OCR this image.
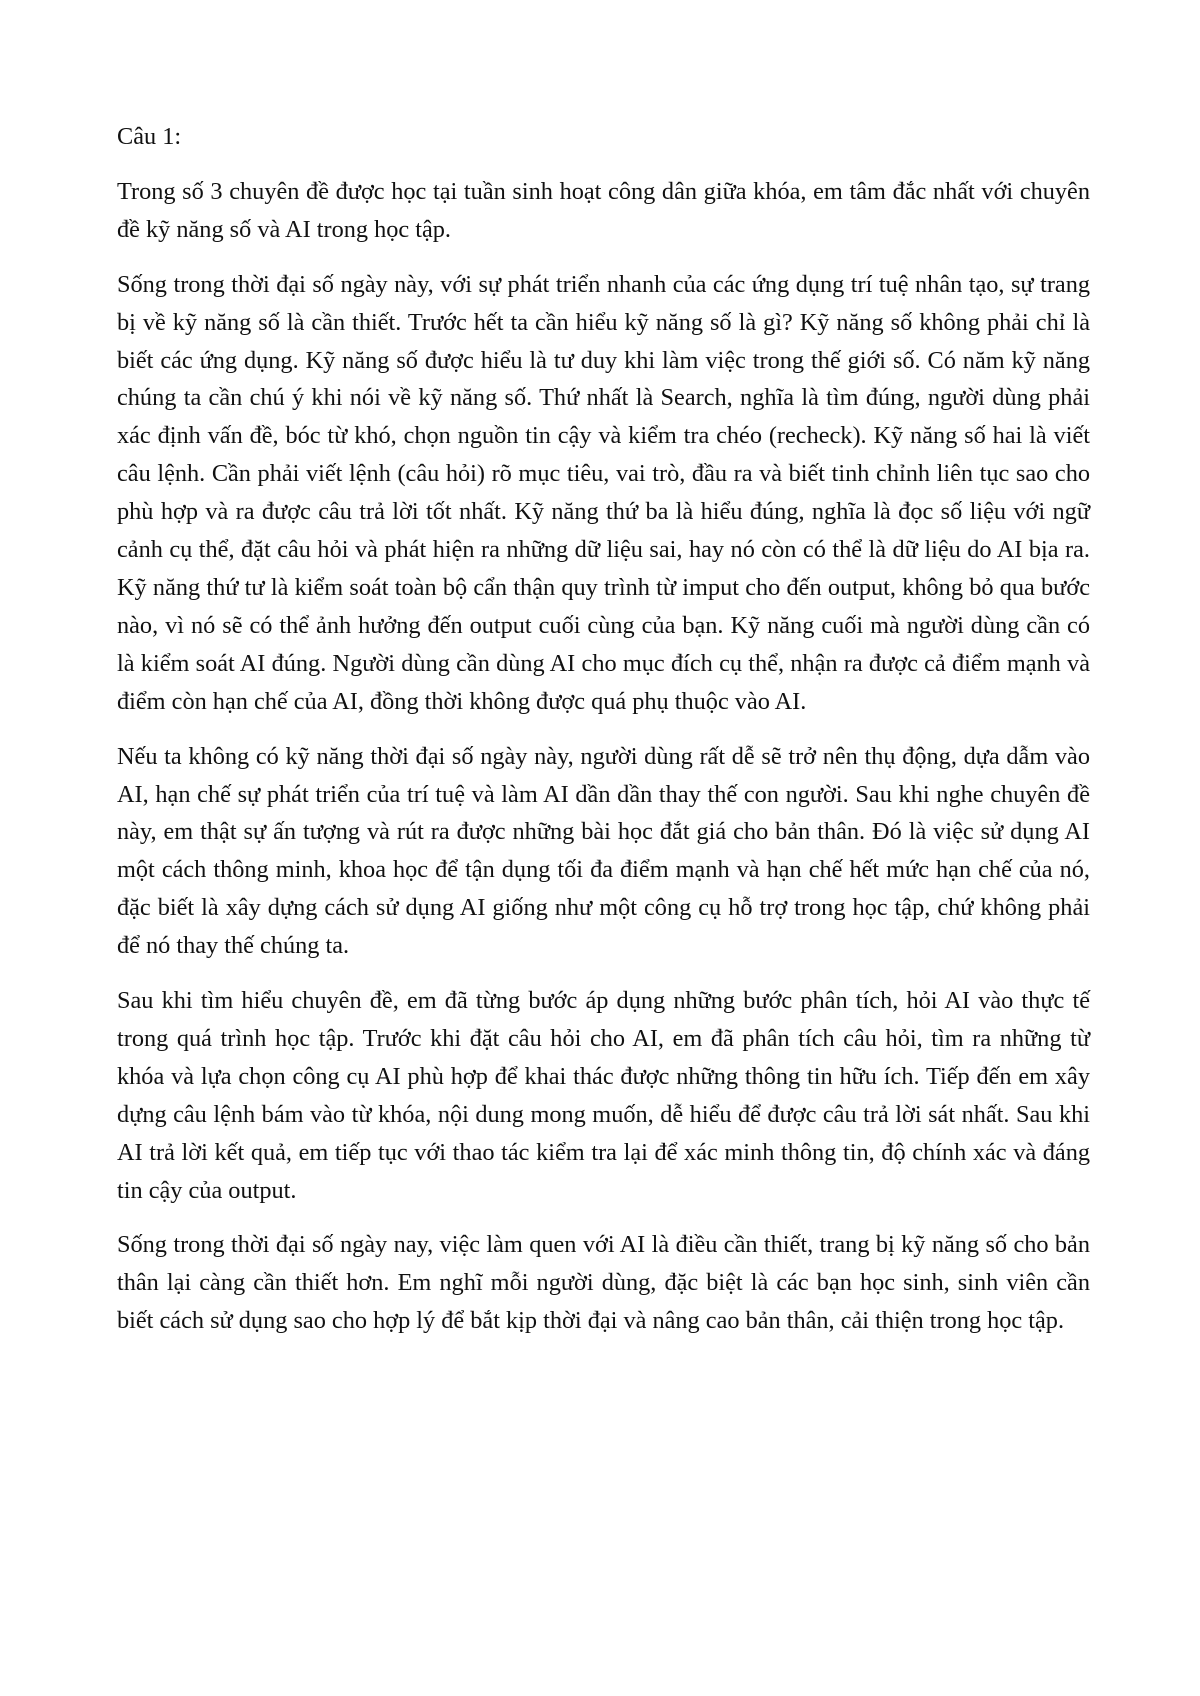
Câu 1:

Trong số 3 chuyên đề được học tại tuần sinh hoạt công dân giữa khóa, em tâm đắc nhất với chuyên đề kỹ năng số và AI trong học tập.

Sống trong thời đại số ngày này, với sự phát triển nhanh của các ứng dụng trí tuệ nhân tạo, sự trang bị về kỹ năng số là cần thiết. Trước hết ta cần hiểu kỹ năng số là gì? Kỹ năng số không phải chỉ là biết các ứng dụng. Kỹ năng số được hiểu là tư duy khi làm việc trong thế giới số. Có năm kỹ năng chúng ta cần chú ý khi nói về kỹ năng số. Thứ nhất là Search, nghĩa là tìm đúng, người dùng phải xác định vấn đề, bóc từ khó, chọn nguồn tin cậy và kiểm tra chéo (recheck). Kỹ năng số hai là viết câu lệnh. Cần phải viết lệnh (câu hỏi) rõ mục tiêu, vai trò, đầu ra và biết tinh chỉnh liên tục sao cho phù hợp và ra được câu trả lời tốt nhất. Kỹ năng thứ ba là hiểu đúng, nghĩa là đọc số liệu với ngữ cảnh cụ thể, đặt câu hỏi và phát hiện ra những dữ liệu sai, hay nó còn có thể là dữ liệu do AI bịa ra. Kỹ năng thứ tư là kiểm soát toàn bộ cẩn thận quy trình từ imput cho đến output, không bỏ qua bước nào, vì nó sẽ có thể ảnh hưởng đến output cuối cùng của bạn. Kỹ năng cuối mà người dùng cần có là kiểm soát AI đúng. Người dùng cần dùng AI cho mục đích cụ thể, nhận ra được cả điểm mạnh và điểm còn hạn chế của AI, đồng thời không được quá phụ thuộc vào AI.

Nếu ta không có kỹ năng thời đại số ngày này, người dùng rất dễ sẽ trở nên thụ động, dựa dẫm vào AI, hạn chế sự phát triển của trí tuệ và làm AI dần dần thay thế con người. Sau khi nghe chuyên đề này, em thật sự ấn tượng và rút ra được những bài học đắt giá cho bản thân. Đó là việc sử dụng AI một cách thông minh, khoa học để tận dụng tối đa điểm mạnh và hạn chế hết mức hạn chế của nó, đặc biết là xây dựng cách sử dụng AI giống như một công cụ hỗ trợ trong học tập, chứ không phải để nó thay thế chúng ta.

Sau khi tìm hiểu chuyên đề, em đã từng bước áp dụng những bước phân tích, hỏi AI vào thực tế trong quá trình học tập. Trước khi đặt câu hỏi cho AI, em đã phân tích câu hỏi, tìm ra những từ khóa và lựa chọn công cụ AI phù hợp để khai thác được những thông tin hữu ích. Tiếp đến em xây dựng câu lệnh bám vào từ khóa, nội dung mong muốn, dễ hiểu để được câu trả lời sát nhất. Sau khi AI trả lời kết quả, em tiếp tục với thao tác kiểm tra lại để xác minh thông tin, độ chính xác và đáng tin cậy của output.

Sống trong thời đại số ngày nay, việc làm quen với AI là điều cần thiết, trang bị kỹ năng số cho bản thân lại càng cần thiết hơn. Em nghĩ mỗi người dùng, đặc biệt là các bạn học sinh, sinh viên cần biết cách sử dụng sao cho hợp lý để bắt kịp thời đại và nâng cao bản thân, cải thiện trong học tập.
